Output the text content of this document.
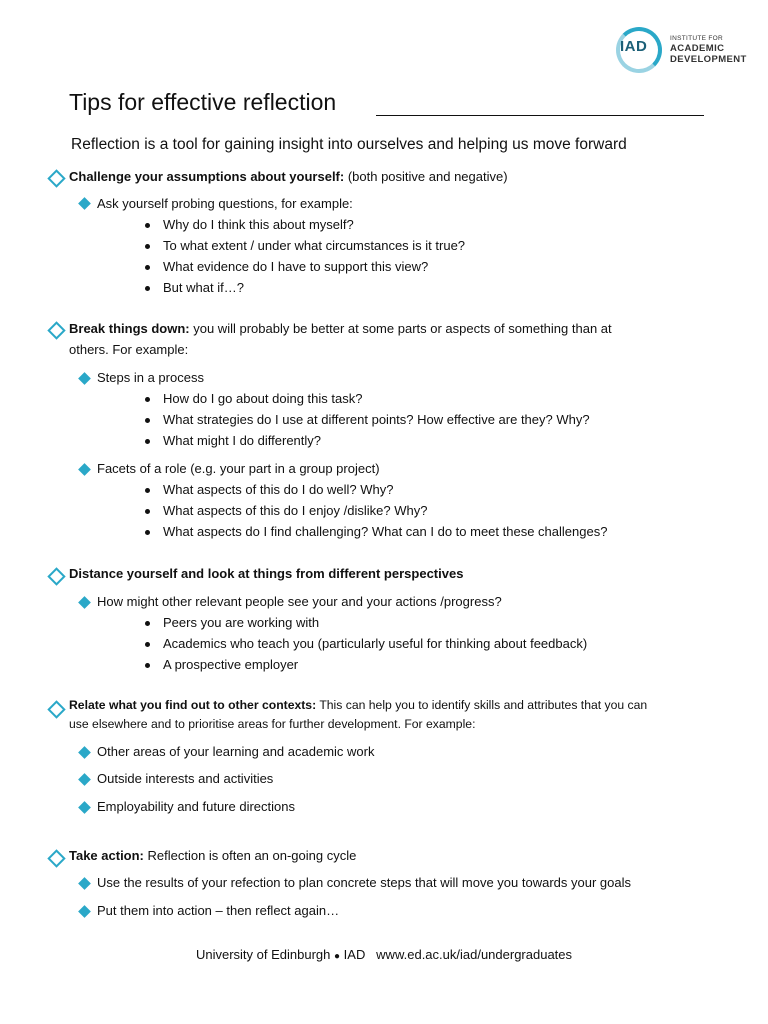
IAD	INSTITUTE FOR
ACADEMIC
DEVELOPMENT
Tips for effective reflection
Reflection is a tool for gaining insight into ourselves and helping us move forward
Challenge your assumptions about yourself: (both positive and negative)
Ask yourself probing questions, for example:
Why do I think this about myself?
To what extent / under what circumstances is it true?
What evidence do I have to support this view?
But what if…?
Break things down: you will probably be better at some parts or aspects of something than at
others. For example:
Steps in a process
How do I go about doing this task?
What strategies do I use at different points? How effective are they? Why?
What might I do differently?
Facets of a role (e.g. your part in a group project)
What aspects of this do I do well? Why?
What aspects of this do I enjoy /dislike? Why?
What aspects do I find challenging? What can I do to meet these challenges?
Distance yourself and look at things from different perspectives
How might other relevant people see your and your actions /progress?
Peers you are working with
Academics who teach you (particularly useful for thinking about feedback)
A prospective employer
Relate what you find out to other contexts: This can help you to identify skills and attributes that you can
use elsewhere and to prioritise areas for further development. For example:
Other areas of your learning and academic work
Outside interests and activities
Employability and future directions
Take action: Reflection is often an on-going cycle
Use the results of your refection to plan concrete steps that will move you towards your goals
Put them into action – then reflect again…
University of Edinburgh ● IAD www.ed.ac.uk/iad/undergraduates
